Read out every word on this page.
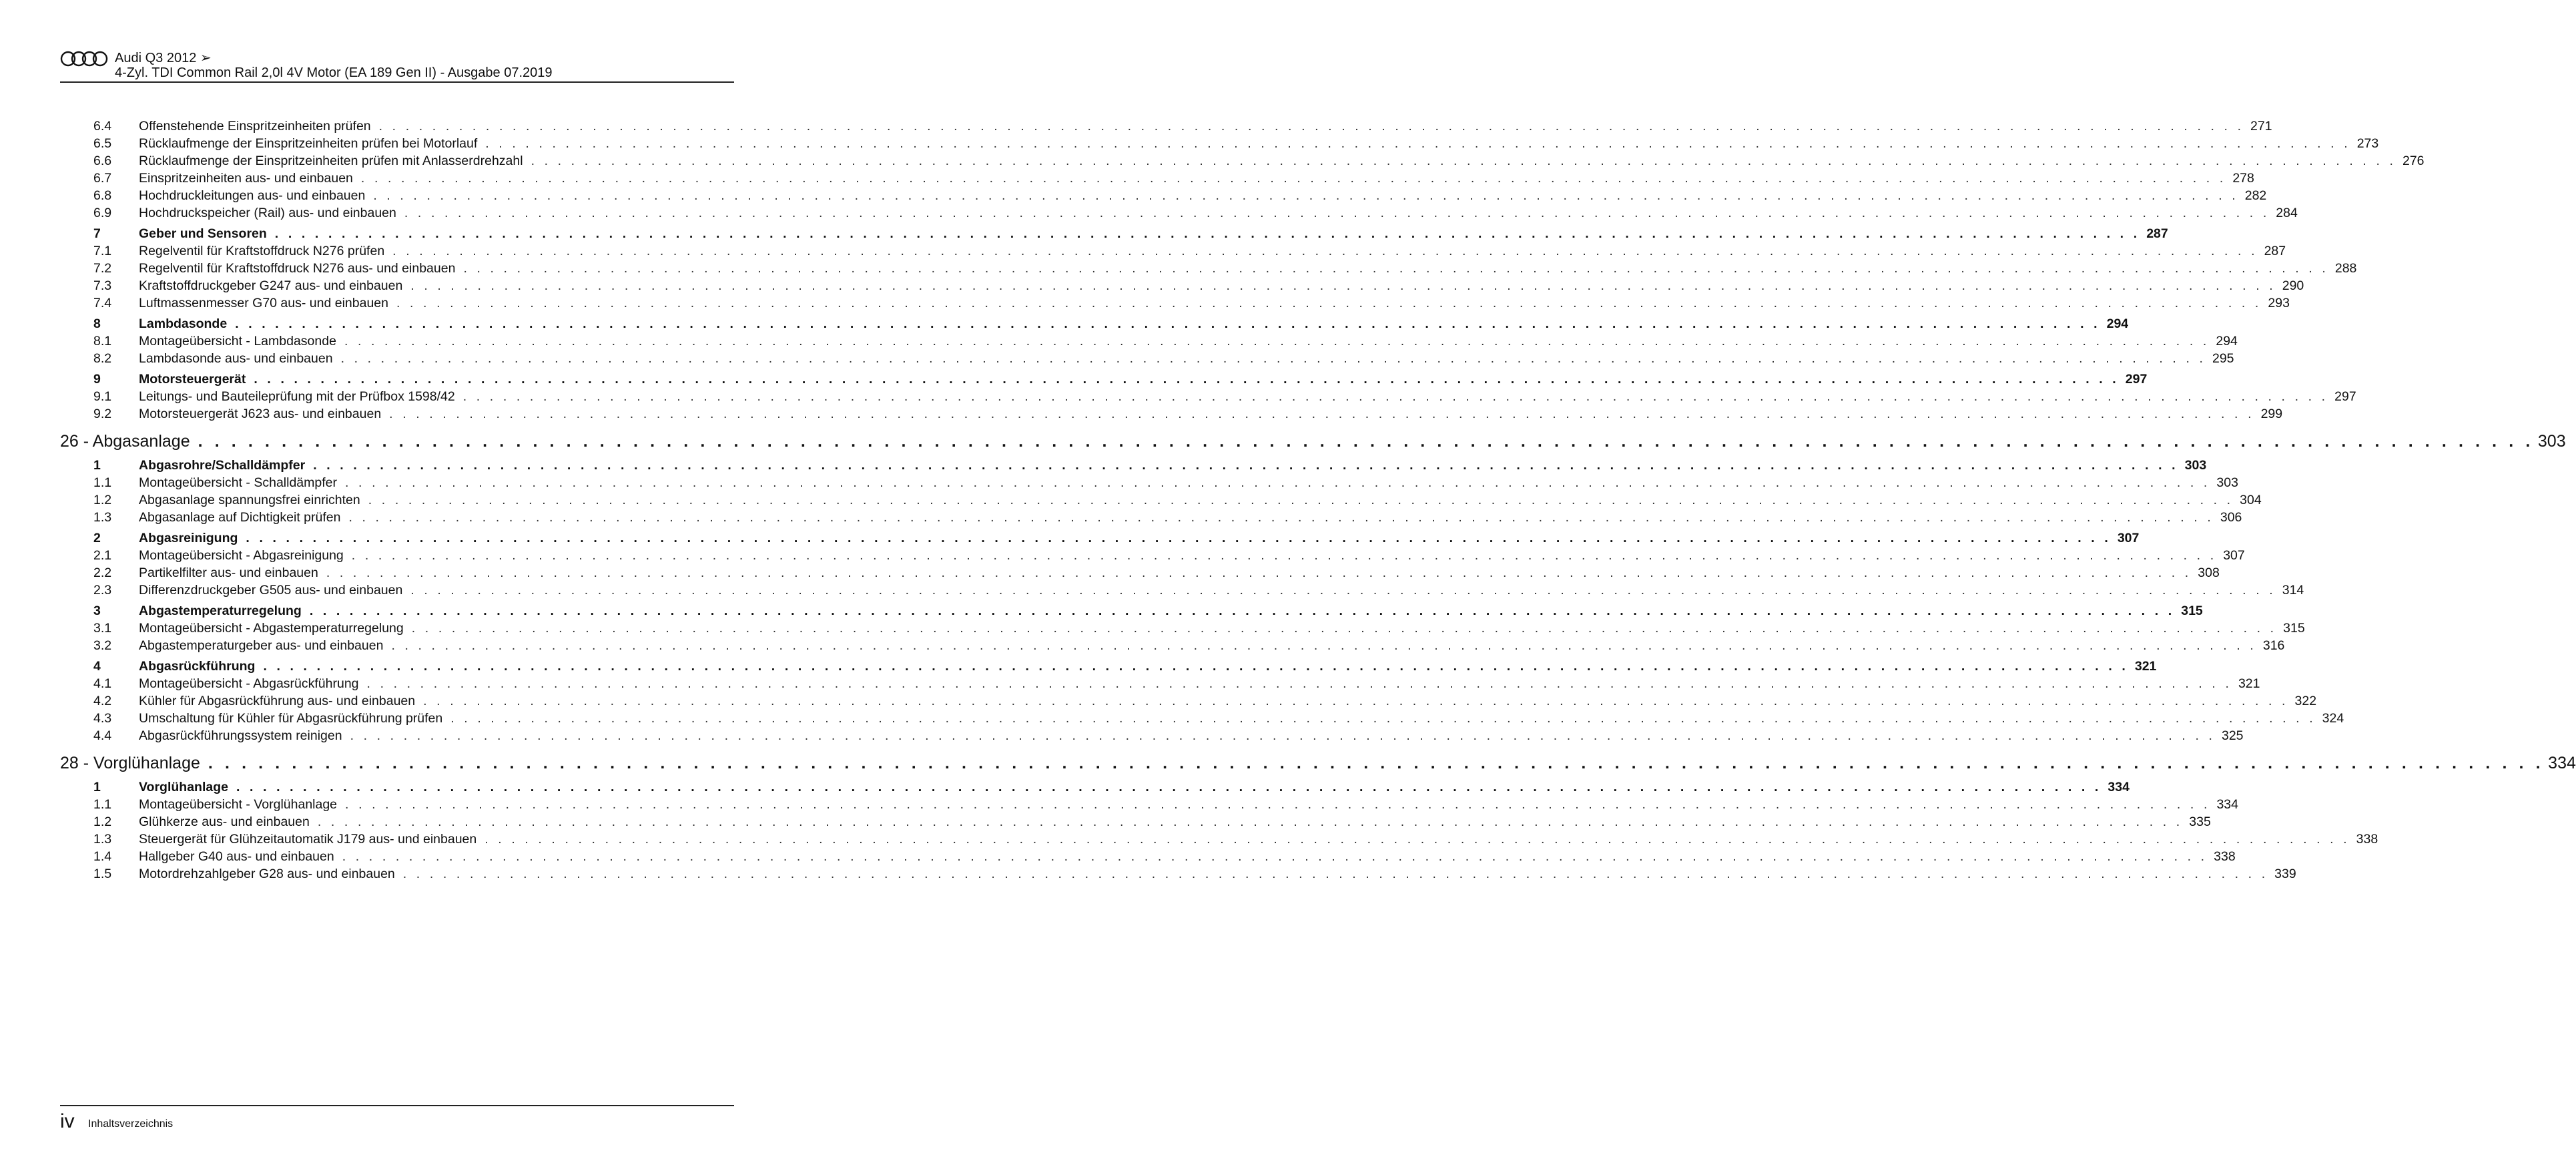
Audi Q3 2012 ➢
4-Zyl. TDI Common Rail 2,0l 4V Motor (EA 189 Gen II) - Ausgabe 07.2019
6.4	Offenstehende Einspritzeinheiten prüfen . . . . . . . . . . . . . . . . . . . . . . . . . . . . . . . . . . . . . . . . . . . . . . . . . . . . . . . . . . . . . . . . . . . . . . . . . . . . . . . . . . . . . . . . . . . . . . . . . . . . . . . . . . . . . . . . . . . . . . . . . . . . . . . . . . . . . . . . . . . . 271
6.5	Rücklaufmenge der Einspritzeinheiten prüfen bei Motorlauf . . . . . . . . . . . . . . . . . . . . . . . . . . . . . . . . . . . . . . . . . . . . . . . . . . . . . . . . . . . . . . . . . . . . . . . . . . . . . . . . . . . . . . . . . . . . . . . . . . . . . . . . . . . . . . . . . . . . . . . . . . . . . . . . . . . . . . . . . . . . 273
6.6	Rücklaufmenge der Einspritzeinheiten prüfen mit Anlasserdrehzahl . . . . . . . . . . . . . . . . . . . . . . . . . . . . . . . . . . . . . . . . . . . . . . . . . . . . . . . . . . . . . . . . . . . . . . . . . . . . . . . . . . . . . . . . . . . . . . . . . . . . . . . . . . . . . . . . . . . . . . . . . . . . . . . . . . . . . . . . . . . . 276
6.7	Einspritzeinheiten aus- und einbauen . . . . . . . . . . . . . . . . . . . . . . . . . . . . . . . . . . . . . . . . . . . . . . . . . . . . . . . . . . . . . . . . . . . . . . . . . . . . . . . . . . . . . . . . . . . . . . . . . . . . . . . . . . . . . . . . . . . . . . . . . . . . . . . . . . . . . . . . . . . . 278
6.8	Hochdruckleitungen aus- und einbauen . . . . . . . . . . . . . . . . . . . . . . . . . . . . . . . . . . . . . . . . . . . . . . . . . . . . . . . . . . . . . . . . . . . . . . . . . . . . . . . . . . . . . . . . . . . . . . . . . . . . . . . . . . . . . . . . . . . . . . . . . . . . . . . . . . . . . . . . . . . . 282
6.9	Hochdruckspeicher (Rail) aus- und einbauen . . . . . . . . . . . . . . . . . . . . . . . . . . . . . . . . . . . . . . . . . . . . . . . . . . . . . . . . . . . . . . . . . . . . . . . . . . . . . . . . . . . . . . . . . . . . . . . . . . . . . . . . . . . . . . . . . . . . . . . . . . . . . . . . . . . . . . . . . . . . 284
7	Geber und Sensoren . . . . . . . . . . . . . . . . . . . . . . . . . . . . . . . . . . . . . . . . . . . . . . . . . . . . . . . . . . . . . . . . . . . . . . . . . . . . . . . . . . . . . . . . . . . . . . . . . . . . . . . . . . . . . . . . . . . . . . . . . . . . . . . . . . . . . . . . . . . . 287
7.1	Regelventil für Kraftstoffdruck N276 prüfen . . . . . . . . . . . . . . . . . . . . . . . . . . . . . . . . . . . . . . . . . . . . . . . . . . . . . . . . . . . . . . . . . . . . . . . . . . . . . . . . . . . . . . . . . . . . . . . . . . . . . . . . . . . . . . . . . . . . . . . . . . . . . . . . . . . . . . . . . . . . 287
7.2	Regelventil für Kraftstoffdruck N276 aus- und einbauen . . . . . . . . . . . . . . . . . . . . . . . . . . . . . . . . . . . . . . . . . . . . . . . . . . . . . . . . . . . . . . . . . . . . . . . . . . . . . . . . . . . . . . . . . . . . . . . . . . . . . . . . . . . . . . . . . . . . . . . . . . . . . . . . . . . . . . . . . . . . 288
7.3	Kraftstoffdruckgeber G247 aus- und einbauen . . . . . . . . . . . . . . . . . . . . . . . . . . . . . . . . . . . . . . . . . . . . . . . . . . . . . . . . . . . . . . . . . . . . . . . . . . . . . . . . . . . . . . . . . . . . . . . . . . . . . . . . . . . . . . . . . . . . . . . . . . . . . . . . . . . . . . . . . . . . 290
7.4	Luftmassenmesser G70 aus- und einbauen . . . . . . . . . . . . . . . . . . . . . . . . . . . . . . . . . . . . . . . . . . . . . . . . . . . . . . . . . . . . . . . . . . . . . . . . . . . . . . . . . . . . . . . . . . . . . . . . . . . . . . . . . . . . . . . . . . . . . . . . . . . . . . . . . . . . . . . . . . . . 293
8	Lambdasonde . . . . . . . . . . . . . . . . . . . . . . . . . . . . . . . . . . . . . . . . . . . . . . . . . . . . . . . . . . . . . . . . . . . . . . . . . . . . . . . . . . . . . . . . . . . . . . . . . . . . . . . . . . . . . . . . . . . . . . . . . . . . . . . . . . . . . . . . . . . . 294
8.1	Montageübersicht - Lambdasonde . . . . . . . . . . . . . . . . . . . . . . . . . . . . . . . . . . . . . . . . . . . . . . . . . . . . . . . . . . . . . . . . . . . . . . . . . . . . . . . . . . . . . . . . . . . . . . . . . . . . . . . . . . . . . . . . . . . . . . . . . . . . . . . . . . . . . . . . . . . . 294
8.2	Lambdasonde aus- und einbauen . . . . . . . . . . . . . . . . . . . . . . . . . . . . . . . . . . . . . . . . . . . . . . . . . . . . . . . . . . . . . . . . . . . . . . . . . . . . . . . . . . . . . . . . . . . . . . . . . . . . . . . . . . . . . . . . . . . . . . . . . . . . . . . . . . . . . . . . . . . . 295
9	Motorsteuergerät . . . . . . . . . . . . . . . . . . . . . . . . . . . . . . . . . . . . . . . . . . . . . . . . . . . . . . . . . . . . . . . . . . . . . . . . . . . . . . . . . . . . . . . . . . . . . . . . . . . . . . . . . . . . . . . . . . . . . . . . . . . . . . . . . . . . . . . . . . . . 297
9.1	Leitungs- und Bauteileprüfung mit der Prüfbox 1598/42 . . . . . . . . . . . . . . . . . . . . . . . . . . . . . . . . . . . . . . . . . . . . . . . . . . . . . . . . . . . . . . . . . . . . . . . . . . . . . . . . . . . . . . . . . . . . . . . . . . . . . . . . . . . . . . . . . . . . . . . . . . . . . . . . . . . . . . . . . . . . 297
9.2	Motorsteuergerät J623 aus- und einbauen . . . . . . . . . . . . . . . . . . . . . . . . . . . . . . . . . . . . . . . . . . . . . . . . . . . . . . . . . . . . . . . . . . . . . . . . . . . . . . . . . . . . . . . . . . . . . . . . . . . . . . . . . . . . . . . . . . . . . . . . . . . . . . . . . . . . . . . . . . . . 299
26 - Abgasanlage . . . . . . . . . . . . . . . . . . . . . . . . . . . . . . . . . . . . . . . . . . . . . . . . . . . . . . . . . . . . . . . . . . . . . . . . . . . . . . . . . . . . . . . . . . . . . . . . . . . . . . . . . . . . . . . . . . . . . . . . . . . . . . . . . . . . . . . . . . . . 303
1	Abgasrohre/Schalldämpfer . . . . . . . . . . . . . . . . . . . . . . . . . . . . . . . . . . . . . . . . . . . . . . . . . . . . . . . . . . . . . . . . . . . . . . . . . . . . . . . . . . . . . . . . . . . . . . . . . . . . . . . . . . . . . . . . . . . . . . . . . . . . . . . . . . . . . . . . . . . . 303
1.1	Montageübersicht - Schalldämpfer . . . . . . . . . . . . . . . . . . . . . . . . . . . . . . . . . . . . . . . . . . . . . . . . . . . . . . . . . . . . . . . . . . . . . . . . . . . . . . . . . . . . . . . . . . . . . . . . . . . . . . . . . . . . . . . . . . . . . . . . . . . . . . . . . . . . . . . . . . . . 303
1.2	Abgasanlage spannungsfrei einrichten . . . . . . . . . . . . . . . . . . . . . . . . . . . . . . . . . . . . . . . . . . . . . . . . . . . . . . . . . . . . . . . . . . . . . . . . . . . . . . . . . . . . . . . . . . . . . . . . . . . . . . . . . . . . . . . . . . . . . . . . . . . . . . . . . . . . . . . . . . . . 304
1.3	Abgasanlage auf Dichtigkeit prüfen . . . . . . . . . . . . . . . . . . . . . . . . . . . . . . . . . . . . . . . . . . . . . . . . . . . . . . . . . . . . . . . . . . . . . . . . . . . . . . . . . . . . . . . . . . . . . . . . . . . . . . . . . . . . . . . . . . . . . . . . . . . . . . . . . . . . . . . . . . . . 306
2	Abgasreinigung . . . . . . . . . . . . . . . . . . . . . . . . . . . . . . . . . . . . . . . . . . . . . . . . . . . . . . . . . . . . . . . . . . . . . . . . . . . . . . . . . . . . . . . . . . . . . . . . . . . . . . . . . . . . . . . . . . . . . . . . . . . . . . . . . . . . . . . . . . . . 307
2.1	Montageübersicht - Abgasreinigung . . . . . . . . . . . . . . . . . . . . . . . . . . . . . . . . . . . . . . . . . . . . . . . . . . . . . . . . . . . . . . . . . . . . . . . . . . . . . . . . . . . . . . . . . . . . . . . . . . . . . . . . . . . . . . . . . . . . . . . . . . . . . . . . . . . . . . . . . . . . 307
2.2	Partikelfilter aus- und einbauen . . . . . . . . . . . . . . . . . . . . . . . . . . . . . . . . . . . . . . . . . . . . . . . . . . . . . . . . . . . . . . . . . . . . . . . . . . . . . . . . . . . . . . . . . . . . . . . . . . . . . . . . . . . . . . . . . . . . . . . . . . . . . . . . . . . . . . . . . . . . 308
2.3	Differenzdruckgeber G505 aus- und einbauen . . . . . . . . . . . . . . . . . . . . . . . . . . . . . . . . . . . . . . . . . . . . . . . . . . . . . . . . . . . . . . . . . . . . . . . . . . . . . . . . . . . . . . . . . . . . . . . . . . . . . . . . . . . . . . . . . . . . . . . . . . . . . . . . . . . . . . . . . . . . 314
3	Abgastemperaturregelung . . . . . . . . . . . . . . . . . . . . . . . . . . . . . . . . . . . . . . . . . . . . . . . . . . . . . . . . . . . . . . . . . . . . . . . . . . . . . . . . . . . . . . . . . . . . . . . . . . . . . . . . . . . . . . . . . . . . . . . . . . . . . . . . . . . . . . . . . . . . 315
3.1	Montageübersicht - Abgastemperaturregelung . . . . . . . . . . . . . . . . . . . . . . . . . . . . . . . . . . . . . . . . . . . . . . . . . . . . . . . . . . . . . . . . . . . . . . . . . . . . . . . . . . . . . . . . . . . . . . . . . . . . . . . . . . . . . . . . . . . . . . . . . . . . . . . . . . . . . . . . . . . . 315
3.2	Abgastemperaturgeber aus- und einbauen . . . . . . . . . . . . . . . . . . . . . . . . . . . . . . . . . . . . . . . . . . . . . . . . . . . . . . . . . . . . . . . . . . . . . . . . . . . . . . . . . . . . . . . . . . . . . . . . . . . . . . . . . . . . . . . . . . . . . . . . . . . . . . . . . . . . . . . . . . . . 316
4	Abgasrückführung . . . . . . . . . . . . . . . . . . . . . . . . . . . . . . . . . . . . . . . . . . . . . . . . . . . . . . . . . . . . . . . . . . . . . . . . . . . . . . . . . . . . . . . . . . . . . . . . . . . . . . . . . . . . . . . . . . . . . . . . . . . . . . . . . . . . . . . . . . . . 321
4.1	Montageübersicht - Abgasrückführung . . . . . . . . . . . . . . . . . . . . . . . . . . . . . . . . . . . . . . . . . . . . . . . . . . . . . . . . . . . . . . . . . . . . . . . . . . . . . . . . . . . . . . . . . . . . . . . . . . . . . . . . . . . . . . . . . . . . . . . . . . . . . . . . . . . . . . . . . . . . 321
4.2	Kühler für Abgasrückführung aus- und einbauen . . . . . . . . . . . . . . . . . . . . . . . . . . . . . . . . . . . . . . . . . . . . . . . . . . . . . . . . . . . . . . . . . . . . . . . . . . . . . . . . . . . . . . . . . . . . . . . . . . . . . . . . . . . . . . . . . . . . . . . . . . . . . . . . . . . . . . . . . . . . 322
4.3	Umschaltung für Kühler für Abgasrückführung prüfen . . . . . . . . . . . . . . . . . . . . . . . . . . . . . . . . . . . . . . . . . . . . . . . . . . . . . . . . . . . . . . . . . . . . . . . . . . . . . . . . . . . . . . . . . . . . . . . . . . . . . . . . . . . . . . . . . . . . . . . . . . . . . . . . . . . . . . . . . . . . 324
4.4	Abgasrückführungssystem reinigen . . . . . . . . . . . . . . . . . . . . . . . . . . . . . . . . . . . . . . . . . . . . . . . . . . . . . . . . . . . . . . . . . . . . . . . . . . . . . . . . . . . . . . . . . . . . . . . . . . . . . . . . . . . . . . . . . . . . . . . . . . . . . . . . . . . . . . . . . . . . 325
28 - Vorglühanlage . . . . . . . . . . . . . . . . . . . . . . . . . . . . . . . . . . . . . . . . . . . . . . . . . . . . . . . . . . . . . . . . . . . . . . . . . . . . . . . . . . . . . . . . . . . . . . . . . . . . . . . . . . . . . . . . . . . . . . . . . . . . . . . . . . . . . . . . . . . . 334
1	Vorglühanlage . . . . . . . . . . . . . . . . . . . . . . . . . . . . . . . . . . . . . . . . . . . . . . . . . . . . . . . . . . . . . . . . . . . . . . . . . . . . . . . . . . . . . . . . . . . . . . . . . . . . . . . . . . . . . . . . . . . . . . . . . . . . . . . . . . . . . . . . . . . . 334
1.1	Montageübersicht - Vorglühanlage . . . . . . . . . . . . . . . . . . . . . . . . . . . . . . . . . . . . . . . . . . . . . . . . . . . . . . . . . . . . . . . . . . . . . . . . . . . . . . . . . . . . . . . . . . . . . . . . . . . . . . . . . . . . . . . . . . . . . . . . . . . . . . . . . . . . . . . . . . . . 334
1.2	Glühkerze aus- und einbauen . . . . . . . . . . . . . . . . . . . . . . . . . . . . . . . . . . . . . . . . . . . . . . . . . . . . . . . . . . . . . . . . . . . . . . . . . . . . . . . . . . . . . . . . . . . . . . . . . . . . . . . . . . . . . . . . . . . . . . . . . . . . . . . . . . . . . . . . . . . . 335
1.3	Steuergerät für Glühzeitautomatik J179 aus- und einbauen . . . . . . . . . . . . . . . . . . . . . . . . . . . . . . . . . . . . . . . . . . . . . . . . . . . . . . . . . . . . . . . . . . . . . . . . . . . . . . . . . . . . . . . . . . . . . . . . . . . . . . . . . . . . . . . . . . . . . . . . . . . . . . . . . . . . . . . . . . . . 338
1.4	Hallgeber G40 aus- und einbauen . . . . . . . . . . . . . . . . . . . . . . . . . . . . . . . . . . . . . . . . . . . . . . . . . . . . . . . . . . . . . . . . . . . . . . . . . . . . . . . . . . . . . . . . . . . . . . . . . . . . . . . . . . . . . . . . . . . . . . . . . . . . . . . . . . . . . . . . . . . . 338
1.5	Motordrehzahlgeber G28 aus- und einbauen . . . . . . . . . . . . . . . . . . . . . . . . . . . . . . . . . . . . . . . . . . . . . . . . . . . . . . . . . . . . . . . . . . . . . . . . . . . . . . . . . . . . . . . . . . . . . . . . . . . . . . . . . . . . . . . . . . . . . . . . . . . . . . . . . . . . . . . . . . . . 339
iv Inhaltsverzeichnis
